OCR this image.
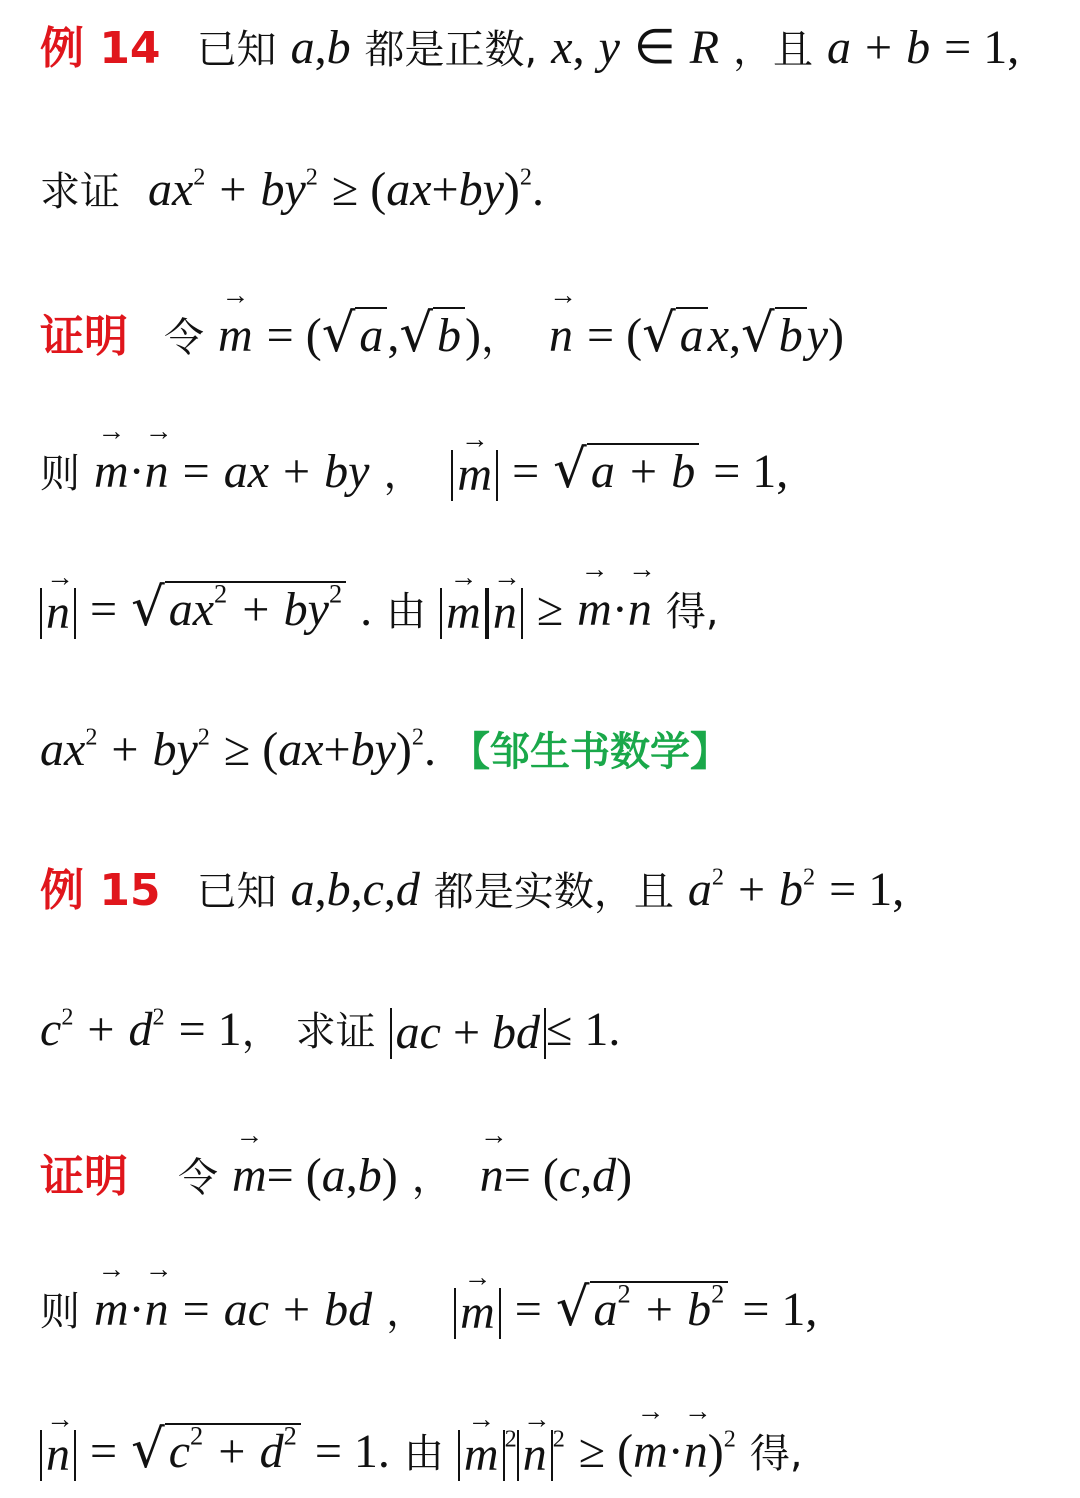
例 14 已知 a,b 都是正数, x, y ∈ R ，且 a + b = 1,
求证 $ax^2 + by^2 \ge (ax+by)^2$.
证明 令 → m = (√a,√b)， → n = (√ax,√by)
则 → m·→ n = ax + by ， → m = √a + b = 1,
→ $n = √ax^2 + by^2$ . 由 → m → n ≥ → m·→ n 得,
$ax^2 + by^2 \ge (ax+by)^2$. 【邹生书数学】
例 15 已知 a,b,c,d 都是实数，且 $a^2 + b^2 = 1$,
$c^2 + d^2 = 1$， 求证 ac + bd ≤ 1.
证明 令 → m= (a,b) ， → n= (c,d)
则 → m·→ n = ac + bd ， → $m = √a^2 + b^2 = 1$,
→ $n = √c^2 + d^2 = 1$. 由 → m $^2$ → n $^2$ ≥ (→ m·→ n)$^2$ 得,
